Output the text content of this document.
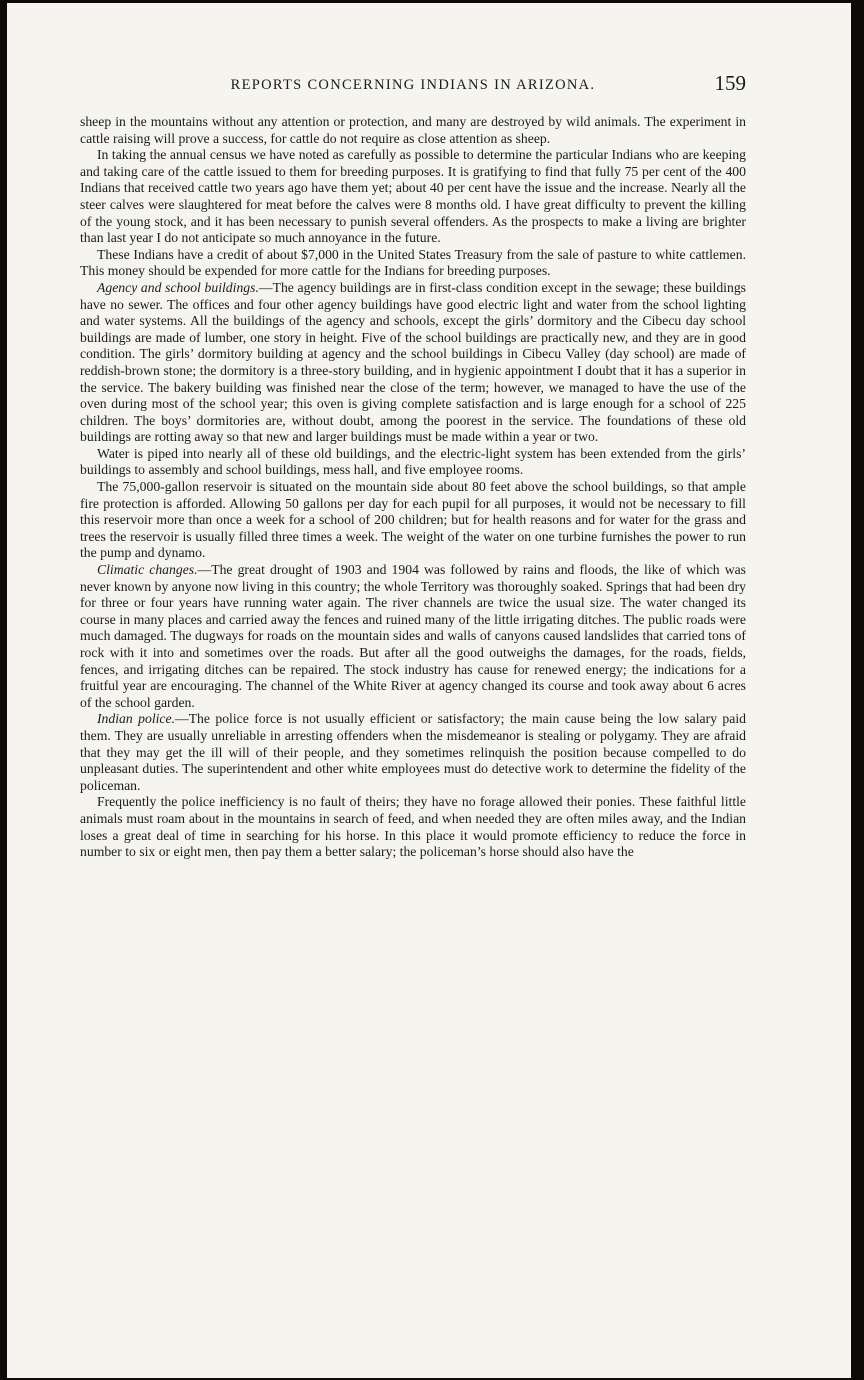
REPORTS CONCERNING INDIANS IN ARIZONA.	159

sheep in the mountains without any attention or protection, and many are destroyed by wild animals. The experiment in cattle raising will prove a success, for cattle do not require as close attention as sheep.

In taking the annual census we have noted as carefully as possible to determine the particular Indians who are keeping and taking care of the cattle issued to them for breeding purposes. It is gratifying to find that fully 75 per cent of the 400 Indians that received cattle two years ago have them yet; about 40 per cent have the issue and the increase. Nearly all the steer calves were slaughtered for meat before the calves were 8 months old. I have great difficulty to prevent the killing of the young stock, and it has been necessary to punish several offenders. As the prospects to make a living are brighter than last year I do not anticipate so much annoyance in the future.

These Indians have a credit of about $7,000 in the United States Treasury from the sale of pasture to white cattlemen. This money should be expended for more cattle for the Indians for breeding purposes.

Agency and school buildings.—The agency buildings are in first-class condition except in the sewage; these buildings have no sewer. The offices and four other agency buildings have good electric light and water from the school lighting and water systems. All the buildings of the agency and schools, except the girls’ dormitory and the Cibecu day school buildings are made of lumber, one story in height. Five of the school buildings are practically new, and they are in good condition. The girls’ dormitory building at agency and the school buildings in Cibecu Valley (day school) are made of reddish-brown stone; the dormitory is a three-story building, and in hygienic appointment I doubt that it has a superior in the service. The bakery building was finished near the close of the term; however, we managed to have the use of the oven during most of the school year; this oven is giving complete satisfaction and is large enough for a school of 225 children. The boys’ dormitories are, without doubt, among the poorest in the service. The foundations of these old buildings are rotting away so that new and larger buildings must be made within a year or two.

Water is piped into nearly all of these old buildings, and the electric-light system has been extended from the girls’ buildings to assembly and school buildings, mess hall, and five employee rooms.

The 75,000-gallon reservoir is situated on the mountain side about 80 feet above the school buildings, so that ample fire protection is afforded. Allowing 50 gallons per day for each pupil for all purposes, it would not be necessary to fill this reservoir more than once a week for a school of 200 children; but for health reasons and for water for the grass and trees the reservoir is usually filled three times a week. The weight of the water on one turbine furnishes the power to run the pump and dynamo.

Climatic changes.—The great drought of 1903 and 1904 was followed by rains and floods, the like of which was never known by anyone now living in this country; the whole Territory was thoroughly soaked. Springs that had been dry for three or four years have running water again. The river channels are twice the usual size. The water changed its course in many places and carried away the fences and ruined many of the little irrigating ditches. The public roads were much damaged. The dugways for roads on the mountain sides and walls of canyons caused landslides that carried tons of rock with it into and sometimes over the roads. But after all the good outweighs the damages, for the roads, fields, fences, and irrigating ditches can be repaired. The stock industry has cause for renewed energy; the indications for a fruitful year are encouraging. The channel of the White River at agency changed its course and took away about 6 acres of the school garden.

Indian police.—The police force is not usually efficient or satisfactory; the main cause being the low salary paid them. They are usually unreliable in arresting offenders when the misdemeanor is stealing or polygamy. They are afraid that they may get the ill will of their people, and they sometimes relinquish the position because compelled to do unpleasant duties. The superintendent and other white employees must do detective work to determine the fidelity of the policeman.

Frequently the police inefficiency is no fault of theirs; they have no forage allowed their ponies. These faithful little animals must roam about in the mountains in search of feed, and when needed they are often miles away, and the Indian loses a great deal of time in searching for his horse. In this place it would promote efficiency to reduce the force in number to six or eight men, then pay them a better salary; the policeman’s horse should also have the
